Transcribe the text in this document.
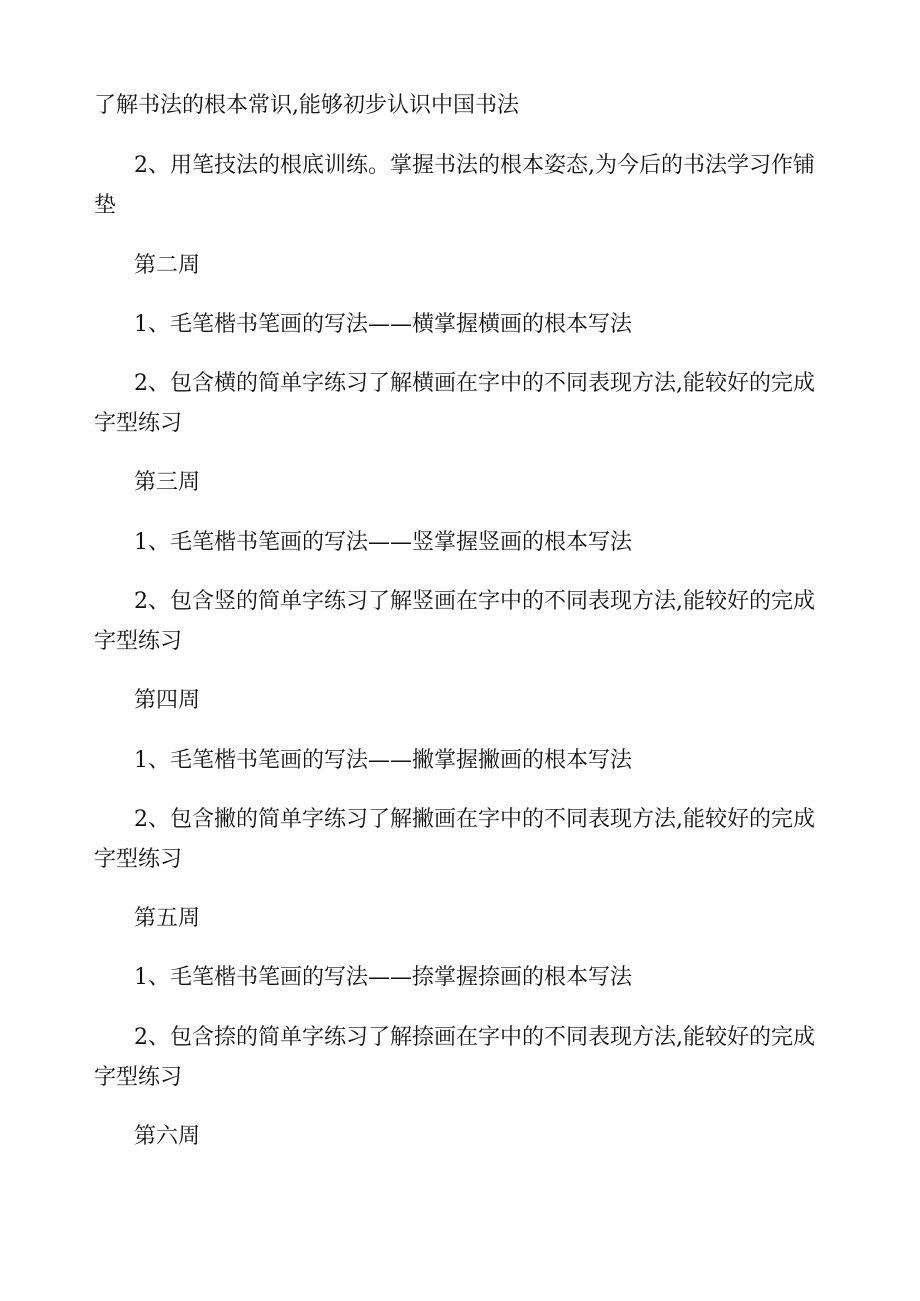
了解书法的根本常识,能够初步认识中国书法

2、用笔技法的根底训练。掌握书法的根本姿态,为今后的书法学习作铺垫

第二周

1、毛笔楷书笔画的写法——横掌握横画的根本写法

2、包含横的简单字练习了解横画在字中的不同表现方法,能较好的完成字型练习

第三周

1、毛笔楷书笔画的写法——竖掌握竖画的根本写法

2、包含竖的简单字练习了解竖画在字中的不同表现方法,能较好的完成字型练习

第四周

1、毛笔楷书笔画的写法——撇掌握撇画的根本写法

2、包含撇的简单字练习了解撇画在字中的不同表现方法,能较好的完成字型练习

第五周

1、毛笔楷书笔画的写法——捺掌握捺画的根本写法

2、包含捺的简单字练习了解捺画在字中的不同表现方法,能较好的完成字型练习

第六周
